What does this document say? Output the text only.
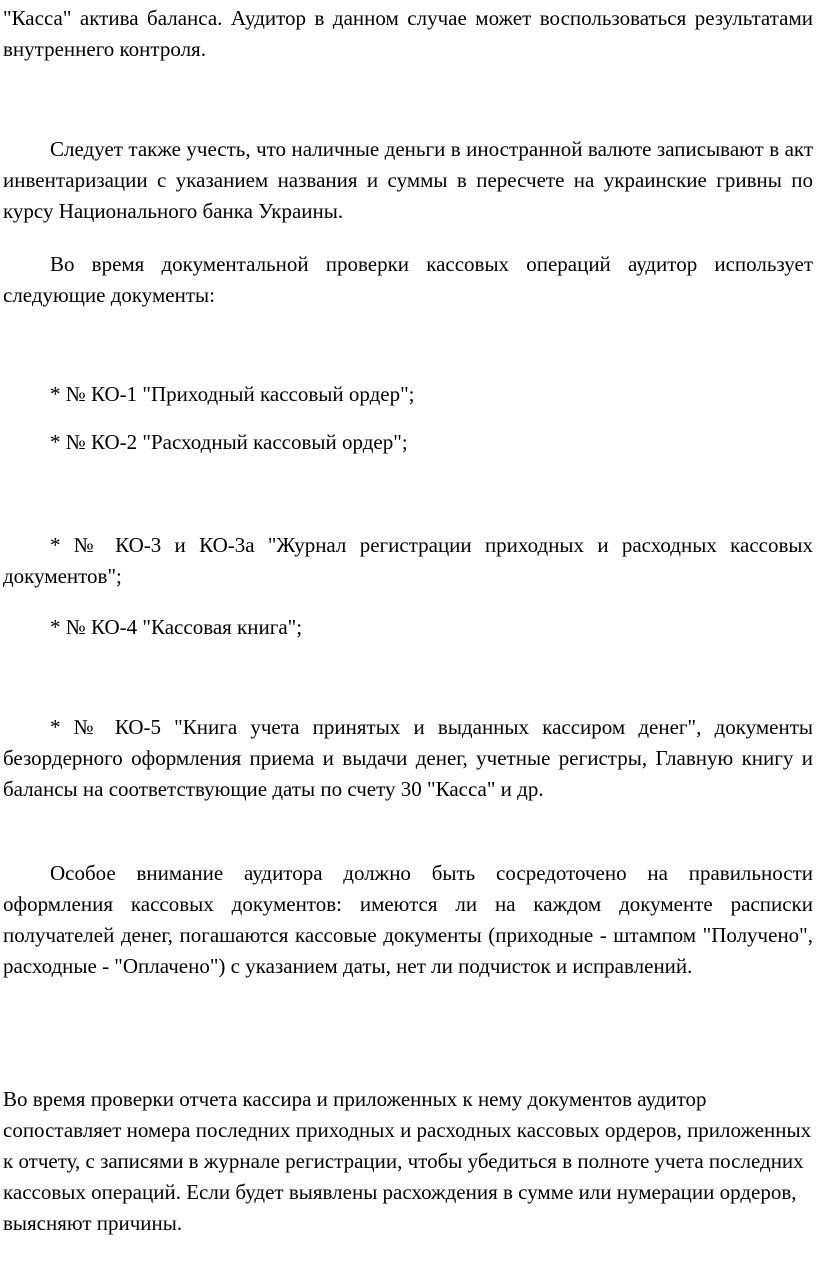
"Касса" актива баланса. Аудитор в данном случае может воспользоваться результатами внутреннего контроля.

Следует также учесть, что наличные деньги в иностранной валюте записывают в акт инвентаризации с указанием названия и суммы в пересчете на украинские гривны по курсу Национального банка Украины.

Во время документальной проверки кассовых операций аудитор использует следующие документы:

* № КО-1 "Приходный кассовый ордер";

* № КО-2 "Расходный кассовый ордер";

* № КО-3 и КО-3а "Журнал регистрации приходных и расходных кассовых документов";

* № КО-4 "Кассовая книга";

* № КО-5 "Книга учета принятых и выданных кассиром денег", документы безордерного оформления приема и выдачи денег, учетные регистры, Главную книгу и балансы на соответствующие даты по счету 30 "Касса" и др.

Особое внимание аудитора должно быть сосредоточено на правильности оформления кассовых документов: имеются ли на каждом документе расписки получателей денег, погашаются кассовые документы (приходные - штампом "Получено", расходные - "Оплачено") с указанием даты, нет ли подчисток и исправлений.

Во время проверки отчета кассира и приложенных к нему документов аудитор сопоставляет номера последних приходных и расходных кассовых ордеров, приложенных к отчету, с записями в журнале регистрации, чтобы убедиться в полноте учета последних кассовых операций. Если будет выявлены расхождения в сумме или нумерации ордеров, выясняют причины.
